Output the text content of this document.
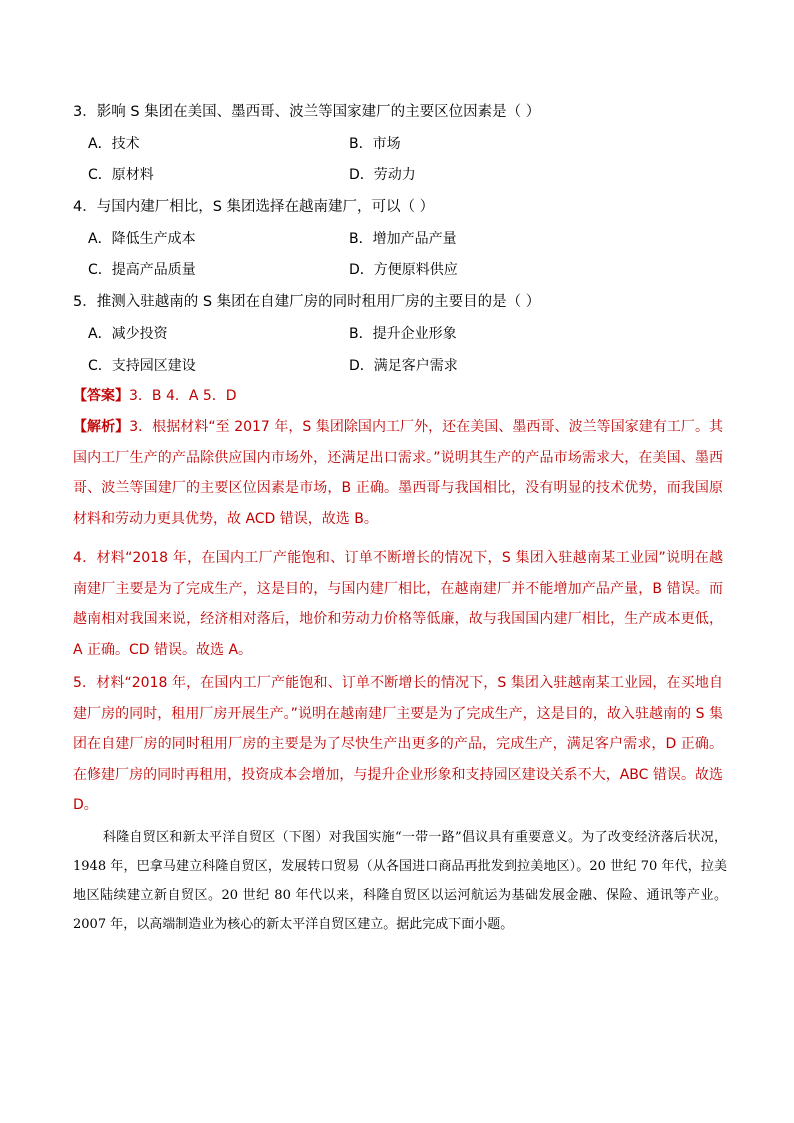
3．影响 S 集团在美国、墨西哥、波兰等国家建厂的主要区位因素是（ ）
A．技术	B．市场
C．原材料	D．劳动力
4．与国内建厂相比，S 集团选择在越南建厂，可以（ ）
A．降低生产成本	B．增加产品产量
C．提高产品质量	D．方便原料供应
5．推测入驻越南的 S 集团在自建厂房的同时租用厂房的主要目的是（ ）
A．减少投资	B．提升企业形象
C．支持园区建设	D．满足客户需求
【答案】3．B 4．A 5．D
【解析】3．根据材料“至 2017 年，S 集团除国内工厂外，还在美国、墨西哥、波兰等国家建有工厂。其国内工厂生产的产品除供应国内市场外，还满足出口需求。”说明其生产的产品市场需求大，在美国、墨西哥、波兰等国建厂的主要区位因素是市场，B 正确。墨西哥与我国相比，没有明显的技术优势，而我国原材料和劳动力更具优势，故 ACD 错误，故选 B。
4．材料“2018 年，在国内工厂产能饱和、订单不断增长的情况下，S 集团入驻越南某工业园”说明在越南建厂主要是为了完成生产，这是目的，与国内建厂相比，在越南建厂并不能增加产品产量，B 错误。而越南相对我国来说，经济相对落后，地价和劳动力价格等低廉，故与我国国内建厂相比，生产成本更低，A 正确。CD 错误。故选 A。
5．材料“2018 年，在国内工厂产能饱和、订单不断增长的情况下，S 集团入驻越南某工业园，在买地自建厂房的同时，租用厂房开展生产。”说明在越南建厂主要是为了完成生产，这是目的，故入驻越南的 S 集团在自建厂房的同时租用厂房的主要是为了尽快生产出更多的产品，完成生产，满足客户需求，D 正确。在修建厂房的同时再租用，投资成本会增加，与提升企业形象和支持园区建设关系不大，ABC 错误。故选 D。
科隆自贸区和新太平洋自贸区（下图）对我国实施“一带一路”倡议具有重要意义。为了改变经济落后状况，1948 年，巴拿马建立科隆自贸区，发展转口贸易（从各国进口商品再批发到拉美地区）。20 世纪 70 年代，拉美地区陆续建立新自贸区。20 世纪 80 年代以来，科隆自贸区以运河航运为基础发展金融、保险、通讯等产业。2007 年，以高端制造业为核心的新太平洋自贸区建立。据此完成下面小题。
